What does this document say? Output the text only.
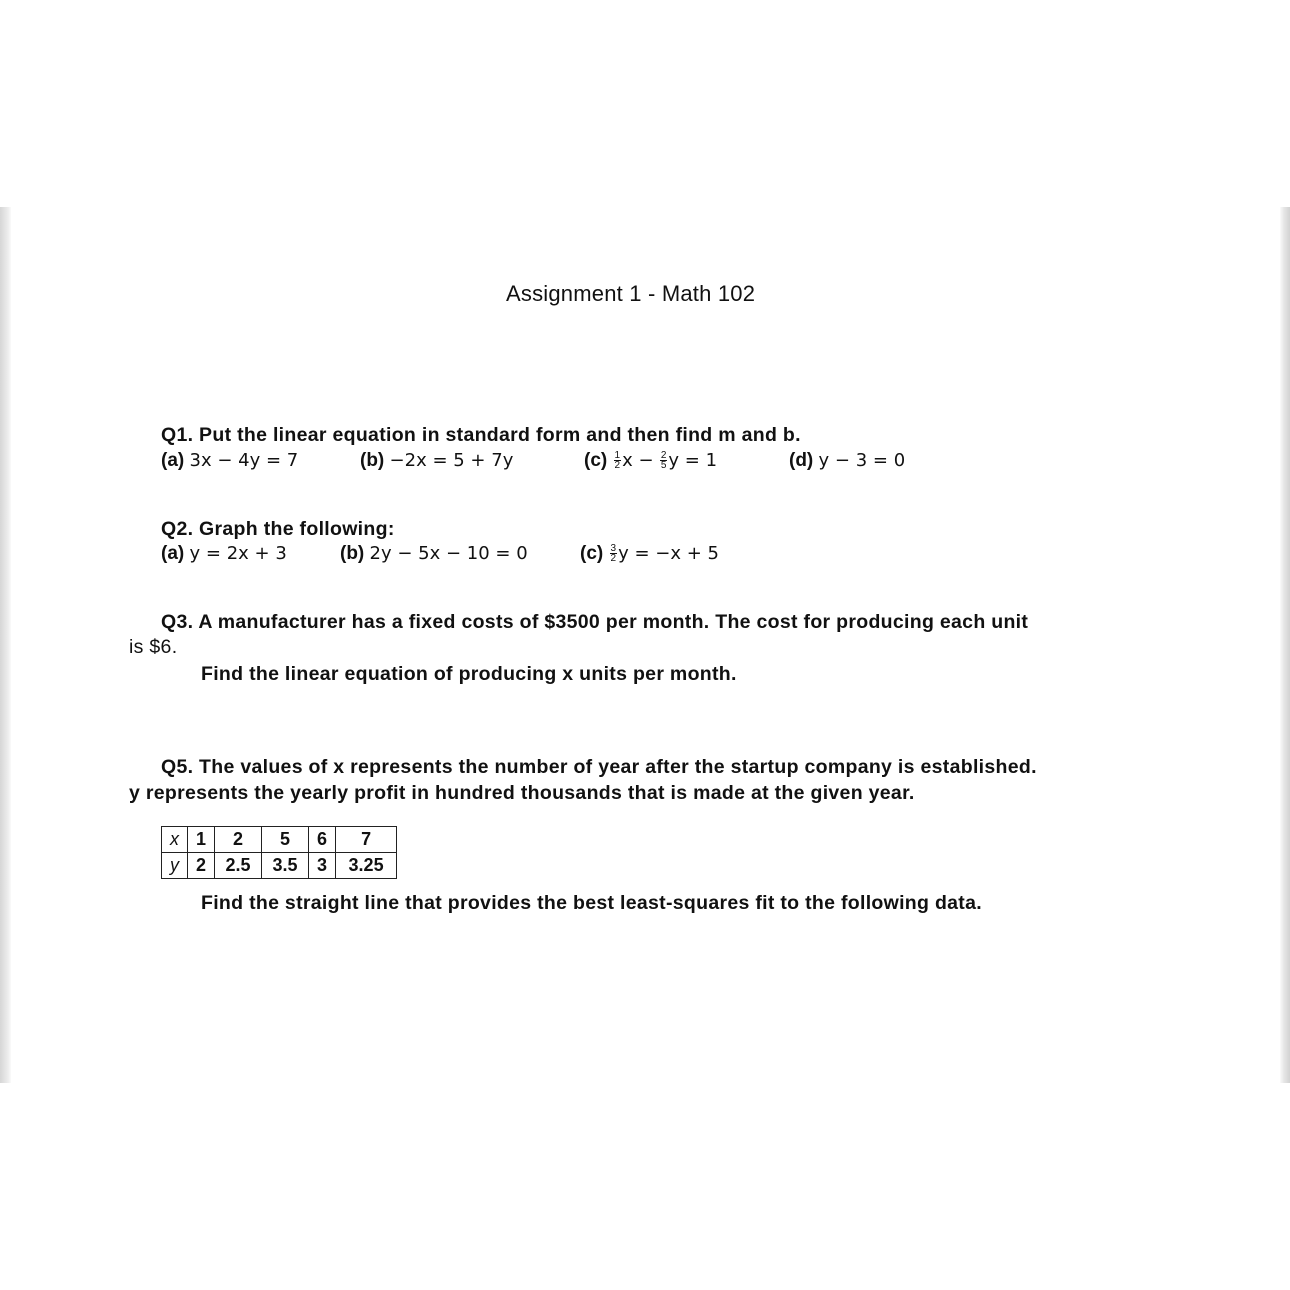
Assignment 1 - Math 102
Q1. Put the linear equation in standard form and then find m and b.
(a) 3x − 4y = 7	(b) −2x = 5 + 7y	$(c) \frac{1}{2}$ $x - \frac{2}{5}$ y = 1	(d) y − 3 = 0
Q2. Graph the following:
(a) y = 2x + 3	(b) 2y − 5x − 10 = 0	$(c) \frac{3}{2}$ y = −x + 5
Q3. A manufacturer has a fixed costs of $3500 per month. The cost for producing each unit
is $6.
Find the linear equation of producing x units per month.
Q5. The values of x represents the number of year after the startup company is established.
y represents the yearly profit in hundred thousands that is made at the given year.
x	1	2	5	6	7
y	2	2.5	3.5	3	3.25
Find the straight line that provides the best least-squares fit to the following data.
